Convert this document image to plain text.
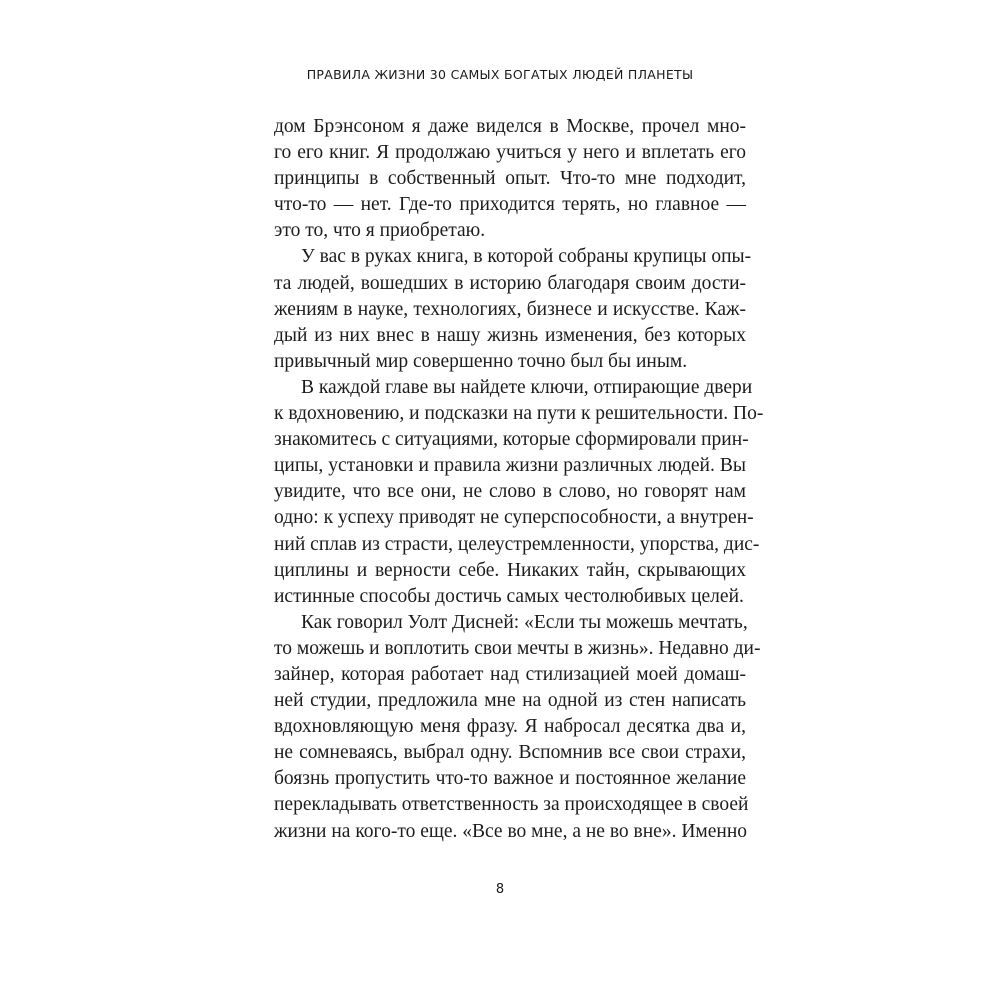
ПРАВИЛА ЖИЗНИ 30 САМЫХ БОГАТЫХ ЛЮДЕЙ ПЛАНЕТЫ
дом Брэнсоном я даже виделся в Москве, прочел мно-
го его книг. Я продолжаю учиться у него и вплетать его
принципы в собственный опыт. Что-то мне подходит,
что-то — нет. Где-то приходится терять, но главное —
это то, что я приобретаю.
У вас в руках книга, в которой собраны крупицы опы-
та людей, вошедших в историю благодаря своим дости-
жениям в науке, технологиях, бизнесе и искусстве. Каж-
дый из них внес в нашу жизнь изменения, без которых
привычный мир совершенно точно был бы иным.
В каждой главе вы найдете ключи, отпирающие двери
к вдохновению, и подсказки на пути к решительности. По-
знакомитесь с ситуациями, которые сформировали прин-
ципы, установки и правила жизни различных людей. Вы
увидите, что все они, не слово в слово, но говорят нам
одно: к успеху приводят не суперспособности, а внутрен-
ний сплав из страсти, целеустремленности, упорства, дис-
циплины и верности себе. Никаких тайн, скрывающих
истинные способы достичь самых честолюбивых целей.
Как говорил Уолт Дисней: «Если ты можешь мечтать,
то можешь и воплотить свои мечты в жизнь». Недавно ди-
зайнер, которая работает над стилизацией моей домаш-
ней студии, предложила мне на одной из стен написать
вдохновляющую меня фразу. Я набросал десятка два и,
не сомневаясь, выбрал одну. Вспомнив все свои страхи,
боязнь пропустить что-то важное и постоянное желание
перекладывать ответственность за происходящее в своей
жизни на кого-то еще. «Все во мне, а не во вне». Именно
8
